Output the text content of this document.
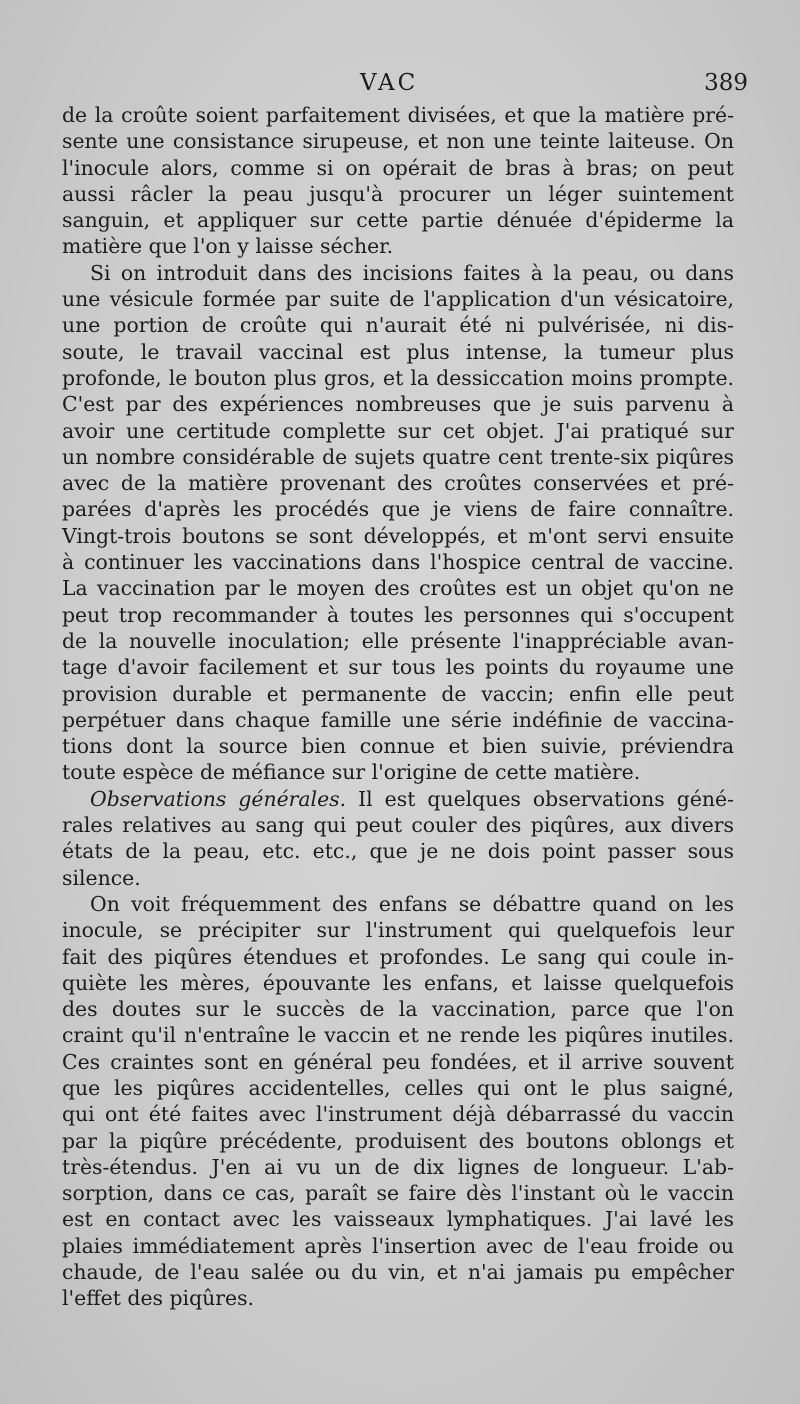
VAC	389
de la croûte soient parfaitement divisées, et que la matière pré-
sente une consistance sirupeuse, et non une teinte laiteuse. On
l'inocule alors, comme si on opérait de bras à bras; on peut
aussi râcler la peau jusqu'à procurer un léger suintement
sanguin, et appliquer sur cette partie dénuée d'épiderme la
matière que l'on y laisse sécher.
Si on introduit dans des incisions faites à la peau, ou dans
une vésicule formée par suite de l'application d'un vésicatoire,
une portion de croûte qui n'aurait été ni pulvérisée, ni dis-
soute, le travail vaccinal est plus intense, la tumeur plus
profonde, le bouton plus gros, et la dessiccation moins prompte.
C'est par des expériences nombreuses que je suis parvenu à
avoir une certitude complette sur cet objet. J'ai pratiqué sur
un nombre considérable de sujets quatre cent trente-six piqûres
avec de la matière provenant des croûtes conservées et pré-
parées d'après les procédés que je viens de faire connaître.
Vingt-trois boutons se sont développés, et m'ont servi ensuite
à continuer les vaccinations dans l'hospice central de vaccine.
La vaccination par le moyen des croûtes est un objet qu'on ne
peut trop recommander à toutes les personnes qui s'occupent
de la nouvelle inoculation; elle présente l'inappréciable avan-
tage d'avoir facilement et sur tous les points du royaume une
provision durable et permanente de vaccin; enfin elle peut
perpétuer dans chaque famille une série indéfinie de vaccina-
tions dont la source bien connue et bien suivie, préviendra
toute espèce de méfiance sur l'origine de cette matière.
Observations générales. Il est quelques observations géné-
rales relatives au sang qui peut couler des piqûres, aux divers
états de la peau, etc. etc., que je ne dois point passer sous
silence.
On voit fréquemment des enfans se débattre quand on les
inocule, se précipiter sur l'instrument qui quelquefois leur
fait des piqûres étendues et profondes. Le sang qui coule in-
quiète les mères, épouvante les enfans, et laisse quelquefois
des doutes sur le succès de la vaccination, parce que l'on
craint qu'il n'entraîne le vaccin et ne rende les piqûres inutiles.
Ces craintes sont en général peu fondées, et il arrive souvent
que les piqûres accidentelles, celles qui ont le plus saigné,
qui ont été faites avec l'instrument déjà débarrassé du vaccin
par la piqûre précédente, produisent des boutons oblongs et
très-étendus. J'en ai vu un de dix lignes de longueur. L'ab-
sorption, dans ce cas, paraît se faire dès l'instant où le vaccin
est en contact avec les vaisseaux lymphatiques. J'ai lavé les
plaies immédiatement après l'insertion avec de l'eau froide ou
chaude, de l'eau salée ou du vin, et n'ai jamais pu empêcher
l'effet des piqûres.
